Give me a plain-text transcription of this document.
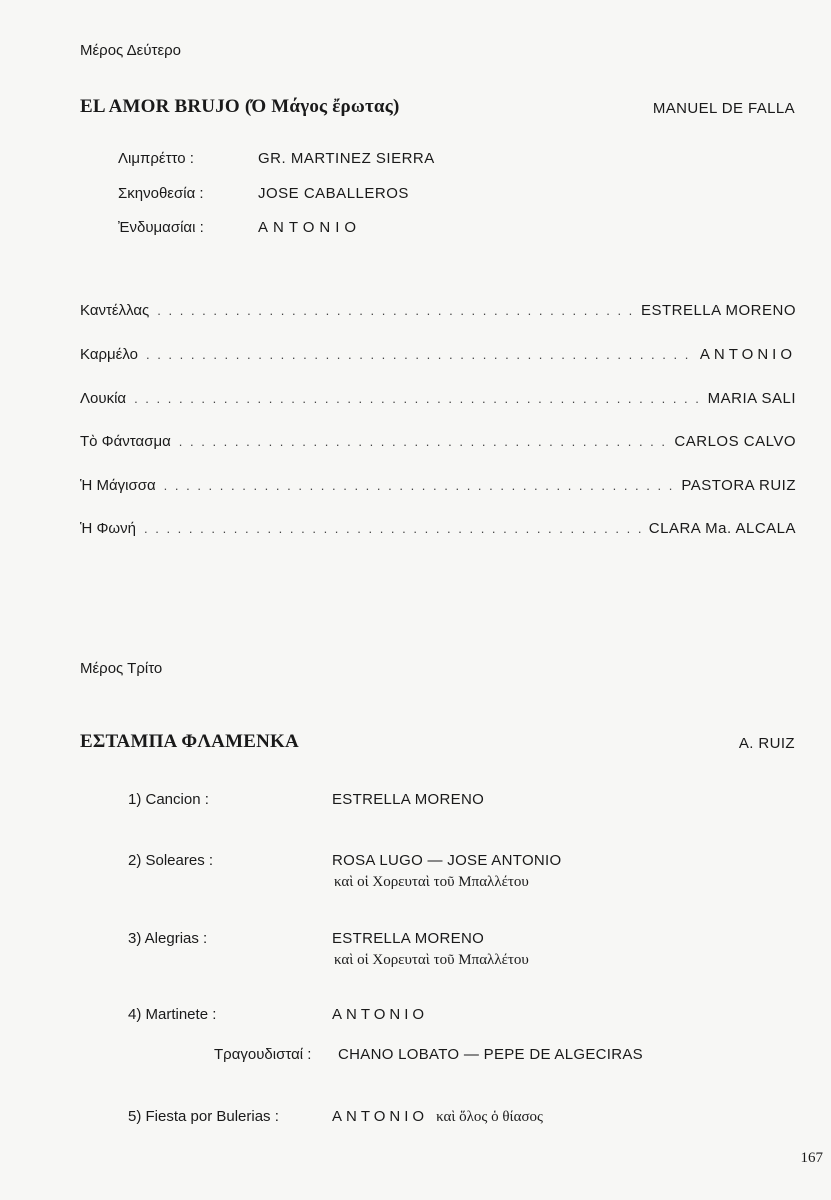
Μέρος Δεύτερο
EL AMOR BRUJO (Ό Μάγος ἔρωτας)	MANUEL DE FALLA
Λιμπρέττο :	GR. MARTINEZ SIERRA
Σκηνοθεσία :	JOSE CABALLEROS
Ἐνδυμασίαι :	ANTONIO
Καντέλλας . . .	ESTRELLA MORENO
Καρμέλο . . .	ANTONIO
Λουκία . . .	MARIA SALI
Τὸ Φάντασμα . . .	CARLOS CALVO
Ἡ Μάγισσα . . .	PASTORA RUIZ
Ἡ Φωνή . . .	CLARA Ma. ALCALA
Μέρος Τρίτο
ΕΣΤΑΜΠΑ ΦΛΑΜΕΝΚΑ	A. RUIZ
1) Cancion :	ESTRELLA MORENO
2) Soleares :	ROSA LUGO — JOSE ANTONIO
καὶ οἱ Χορευταὶ τοῦ Μπαλλέτου
3) Alegrias :	ESTRELLA MORENO
καὶ οἱ Χορευταὶ τοῦ Μπαλλέτου
4) Martinete :	ANTONIO
Τραγουδισταί : CHANO LOBATO — PEPE DE ALGECIRAS
5) Fiesta por Bulerias :	ANTONIO καὶ ὅλος ὁ θίασος
167
